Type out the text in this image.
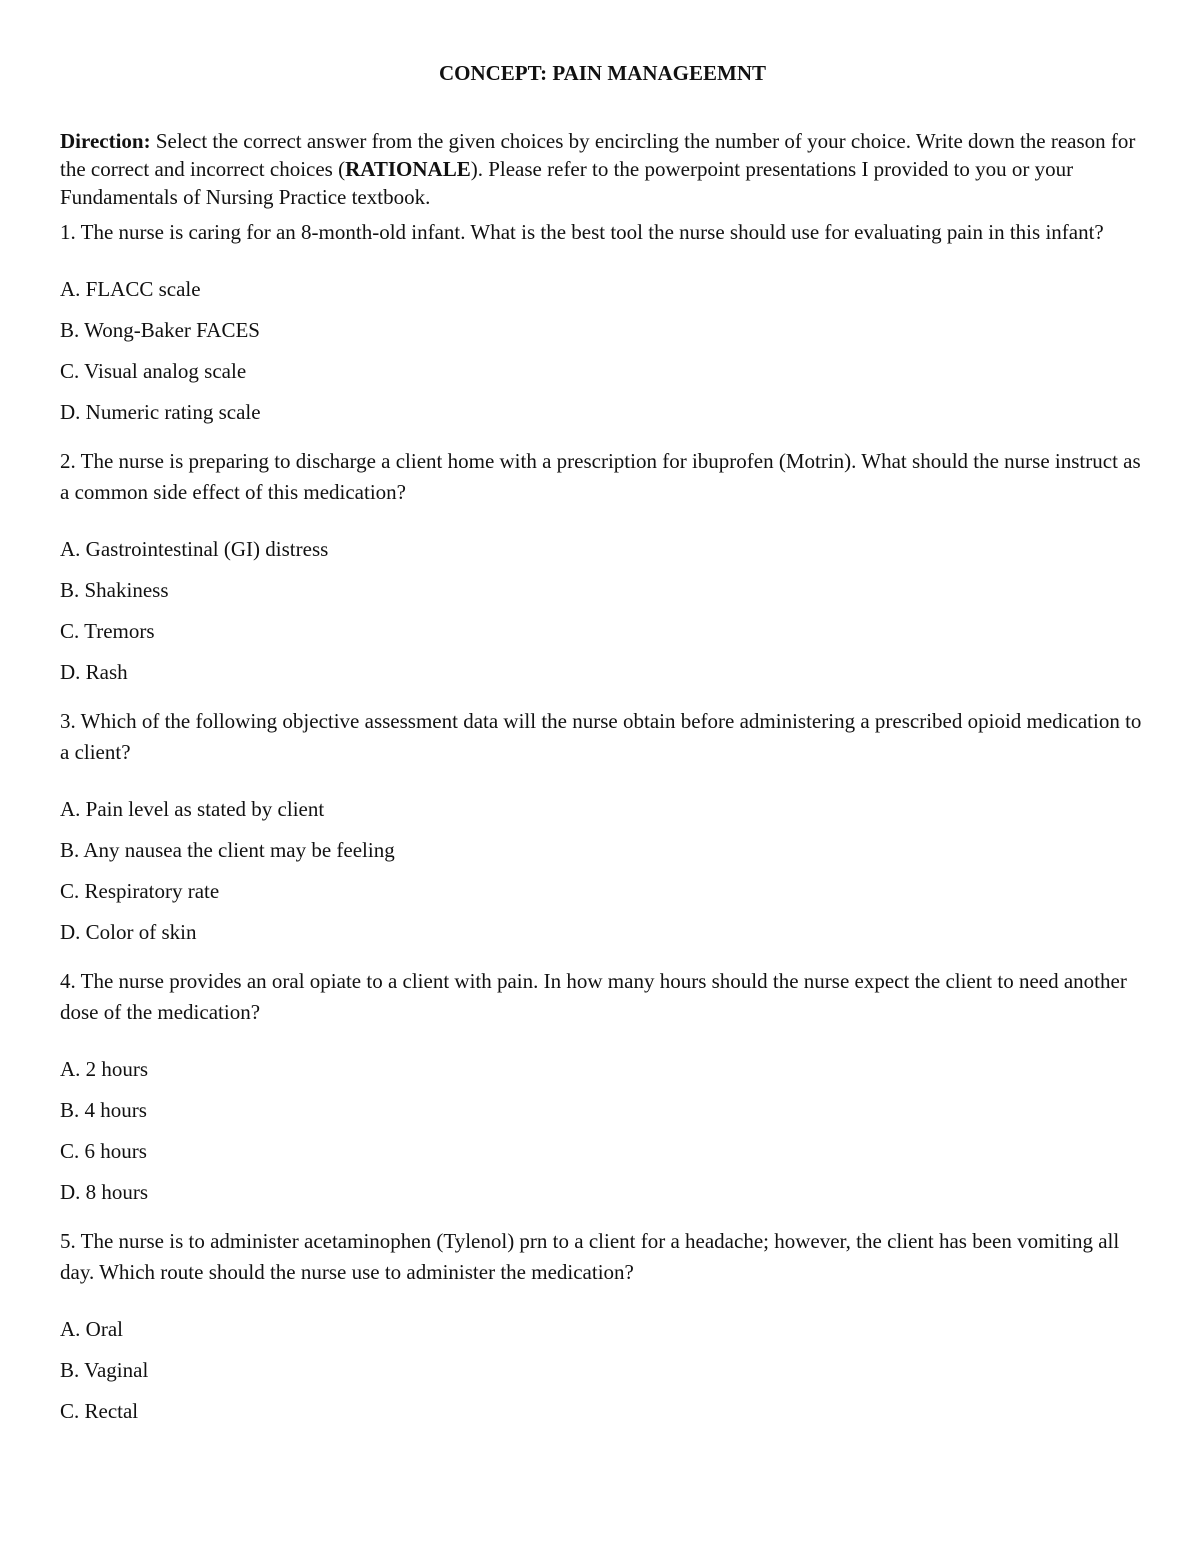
CONCEPT: PAIN MANAGEEMNT

Direction: Select the correct answer from the given choices by encircling the number of your choice. Write down the reason for the correct and incorrect choices (RATIONALE). Please refer to the powerpoint presentations I provided to you or your Fundamentals of Nursing Practice textbook.

1. The nurse is caring for an 8-month-old infant. What is the best tool the nurse should use for evaluating pain in this infant?

A. FLACC scale
B. Wong-Baker FACES
C. Visual analog scale
D. Numeric rating scale

2. The nurse is preparing to discharge a client home with a prescription for ibuprofen (Motrin). What should the nurse instruct as a common side effect of this medication?

A. Gastrointestinal (GI) distress
B. Shakiness
C. Tremors
D. Rash

3. Which of the following objective assessment data will the nurse obtain before administering a prescribed opioid medication to a client?

A. Pain level as stated by client
B. Any nausea the client may be feeling
C. Respiratory rate
D. Color of skin

4. The nurse provides an oral opiate to a client with pain. In how many hours should the nurse expect the client to need another dose of the medication?

A. 2 hours
B. 4 hours
C. 6 hours
D. 8 hours

5. The nurse is to administer acetaminophen (Tylenol) prn to a client for a headache; however, the client has been vomiting all day. Which route should the nurse use to administer the medication?

A. Oral
B. Vaginal
C. Rectal
